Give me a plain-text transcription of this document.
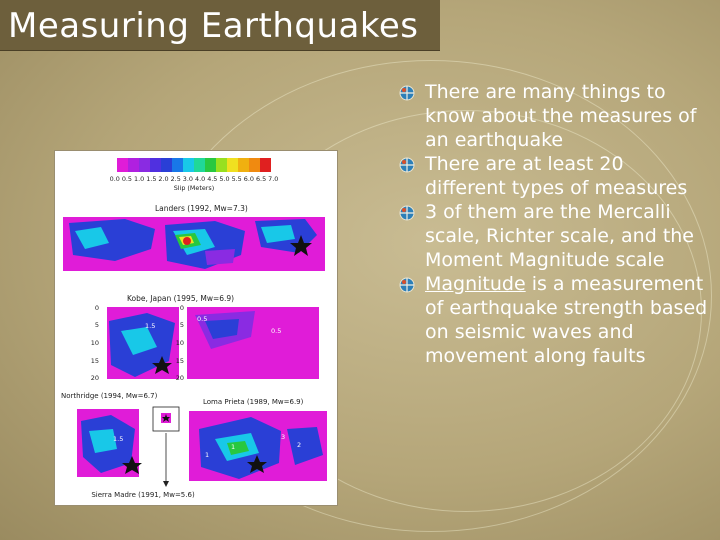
Measuring Earthquakes
0.0 0.5 1.0 1.5 2.0 2.5 3.0 4.0 4.5 5.0 5.5 6.0 6.5 7.0
Slip (Meters)
Landers (1992, Mw=7.3)
Kobe, Japan (1995, Mw=6.9)
0
5
10
15
20
0
5
10
15
20
1.5
0.5
0.5
Northridge (1994, Mw=6.7)
Loma Prieta (1989, Mw=6.9)
1.5
Sierra Madre (1991, Mw=5.6)
1	2
3
1
There are many things to know about the measures of an earthquake
There are at least 20 different types of measures
3 of them are the Mercalli scale, Richter scale, and the Moment Magnitude scale
Magnitude is a measurement of earthquake strength based on seismic waves and movement along faults
